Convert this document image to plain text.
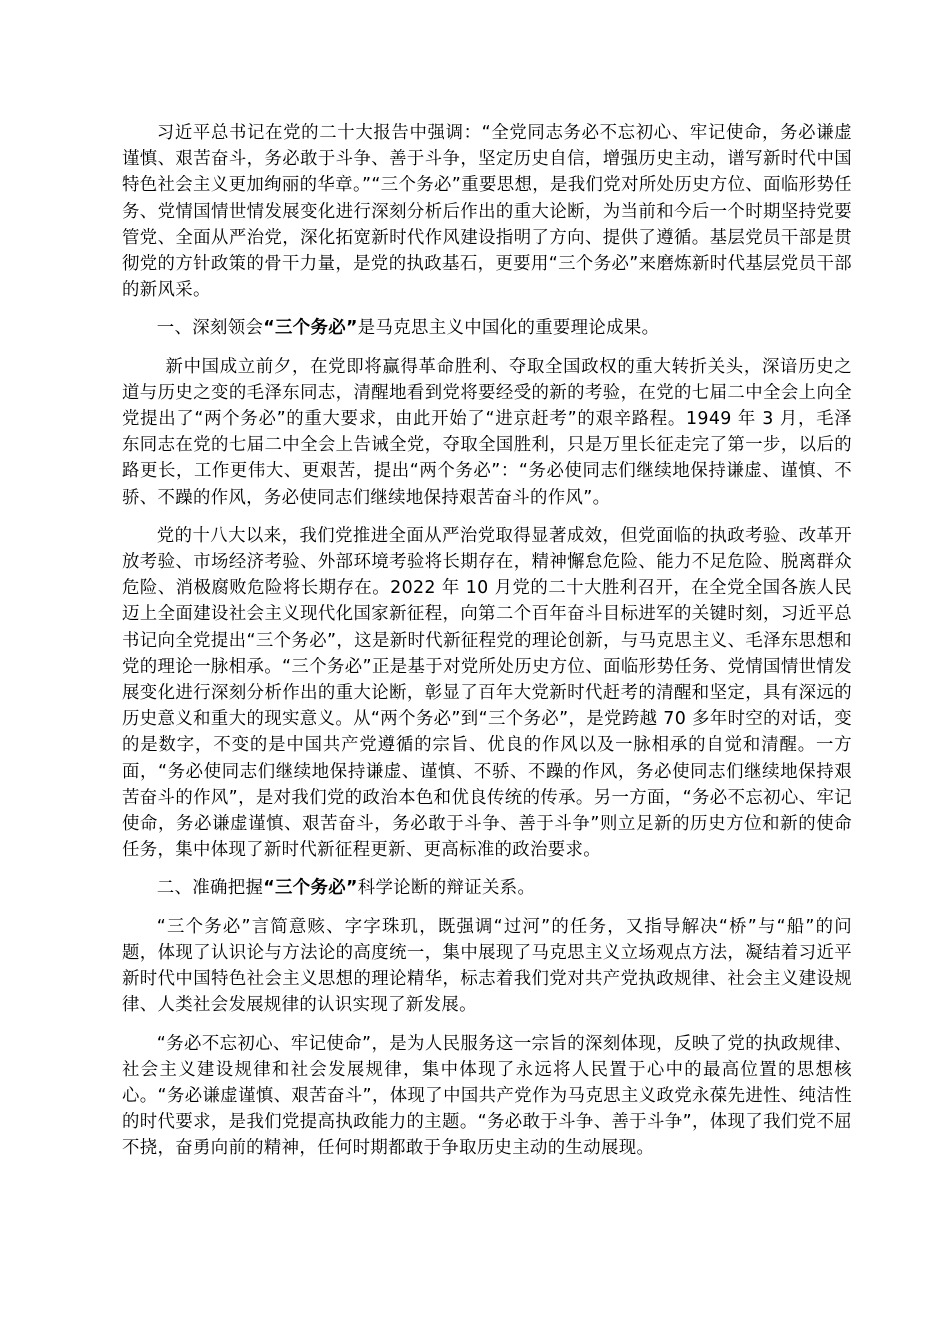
习近平总书记在党的二十大报告中强调：“全党同志务必不忘初心、牢记使命，务必谦虚谨慎、艰苦奋斗，务必敢于斗争、善于斗争，坚定历史自信，增强历史主动，谱写新时代中国特色社会主义更加绚丽的华章。”“三个务必”重要思想，是我们党对所处历史方位、面临形势任务、党情国情世情发展变化进行深刻分析后作出的重大论断，为当前和今后一个时期坚持党要管党、全面从严治党，深化拓宽新时代作风建设指明了方向、提供了遵循。基层党员干部是贯彻党的方针政策的骨干力量，是党的执政基石，更要用“三个务必”来磨炼新时代基层党员干部的新风采。

一、深刻领会“三个务必”是马克思主义中国化的重要理论成果。

新中国成立前夕，在党即将赢得革命胜利、夺取全国政权的重大转折关头，深谙历史之道与历史之变的毛泽东同志，清醒地看到党将要经受的新的考验，在党的七届二中全会上向全党提出了“两个务必”的重大要求，由此开始了“进京赶考”的艰辛路程。1949 年 3 月，毛泽东同志在党的七届二中全会上告诫全党，夺取全国胜利，只是万里长征走完了第一步，以后的路更长，工作更伟大、更艰苦，提出“两个务必”：“务必使同志们继续地保持谦虚、谨慎、不骄、不躁的作风，务必使同志们继续地保持艰苦奋斗的作风”。

党的十八大以来，我们党推进全面从严治党取得显著成效，但党面临的执政考验、改革开放考验、市场经济考验、外部环境考验将长期存在，精神懈怠危险、能力不足危险、脱离群众危险、消极腐败危险将长期存在。2022 年 10 月党的二十大胜利召开，在全党全国各族人民迈上全面建设社会主义现代化国家新征程，向第二个百年奋斗目标进军的关键时刻，习近平总书记向全党提出“三个务必”，这是新时代新征程党的理论创新，与马克思主义、毛泽东思想和党的理论一脉相承。“三个务必”正是基于对党所处历史方位、面临形势任务、党情国情世情发展变化进行深刻分析作出的重大论断，彰显了百年大党新时代赶考的清醒和坚定，具有深远的历史意义和重大的现实意义。从“两个务必”到“三个务必”，是党跨越 70 多年时空的对话，变的是数字，不变的是中国共产党遵循的宗旨、优良的作风以及一脉相承的自觉和清醒。一方面，“务必使同志们继续地保持谦虚、谨慎、不骄、不躁的作风，务必使同志们继续地保持艰苦奋斗的作风”，是对我们党的政治本色和优良传统的传承。另一方面，“务必不忘初心、牢记使命，务必谦虚谨慎、艰苦奋斗，务必敢于斗争、善于斗争”则立足新的历史方位和新的使命任务，集中体现了新时代新征程更新、更高标准的政治要求。

二、准确把握“三个务必”科学论断的辩证关系。

“三个务必”言简意赅、字字珠玑，既强调“过河”的任务，又指导解决“桥”与“船”的问题，体现了认识论与方法论的高度统一，集中展现了马克思主义立场观点方法，凝结着习近平新时代中国特色社会主义思想的理论精华，标志着我们党对共产党执政规律、社会主义建设规律、人类社会发展规律的认识实现了新发展。

“务必不忘初心、牢记使命”，是为人民服务这一宗旨的深刻体现，反映了党的执政规律、社会主义建设规律和社会发展规律，集中体现了永远将人民置于心中的最高位置的思想核心。“务必谦虚谨慎、艰苦奋斗”，体现了中国共产党作为马克思主义政党永葆先进性、纯洁性的时代要求，是我们党提高执政能力的主题。“务必敢于斗争、善于斗争”，体现了我们党不屈不挠，奋勇向前的精神，任何时期都敢于争取历史主动的生动展现。
